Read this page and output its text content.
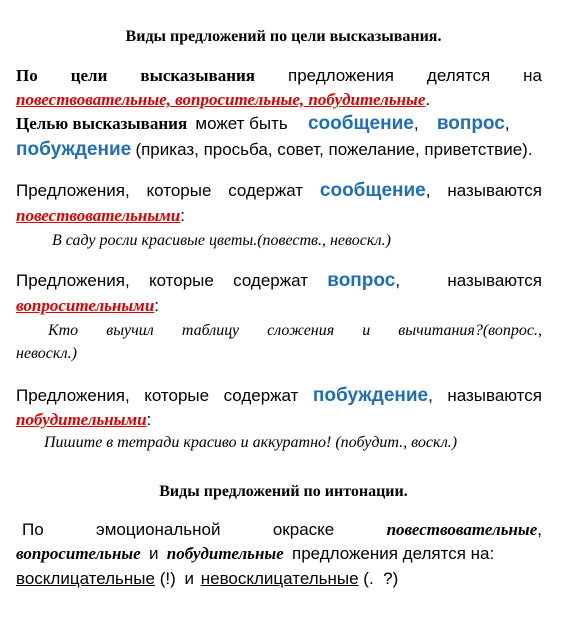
Виды предложений по цели высказывания.
По цели высказывания предложения делятся на
повествовательные, вопросительные, побудительные.
Целью высказывания может быть сообщение, вопрос,
побуждение (приказ, просьба, совет, пожелание, приветствие).
Предложения, которые содержат сообщение, называются
повествовательными:
В саду росли красивые цветы.(повеств., невоскл.)
Предложения, которые содержат вопрос,	называются
вопросительными:
Кто выучил таблицу сложения и вычитания?(вопрос.,
невоскл.)
Предложения, которые содержат побуждение, называются
побудительными:
Пишите в тетради красиво и аккуратно! (побудит., воскл.)
Виды предложений по интонации.
По	эмоциональной	окраске	повествовательные,
вопросительные и побудительные предложения делятся на:
восклицательные (!) и невосклицательные (.  ?)
